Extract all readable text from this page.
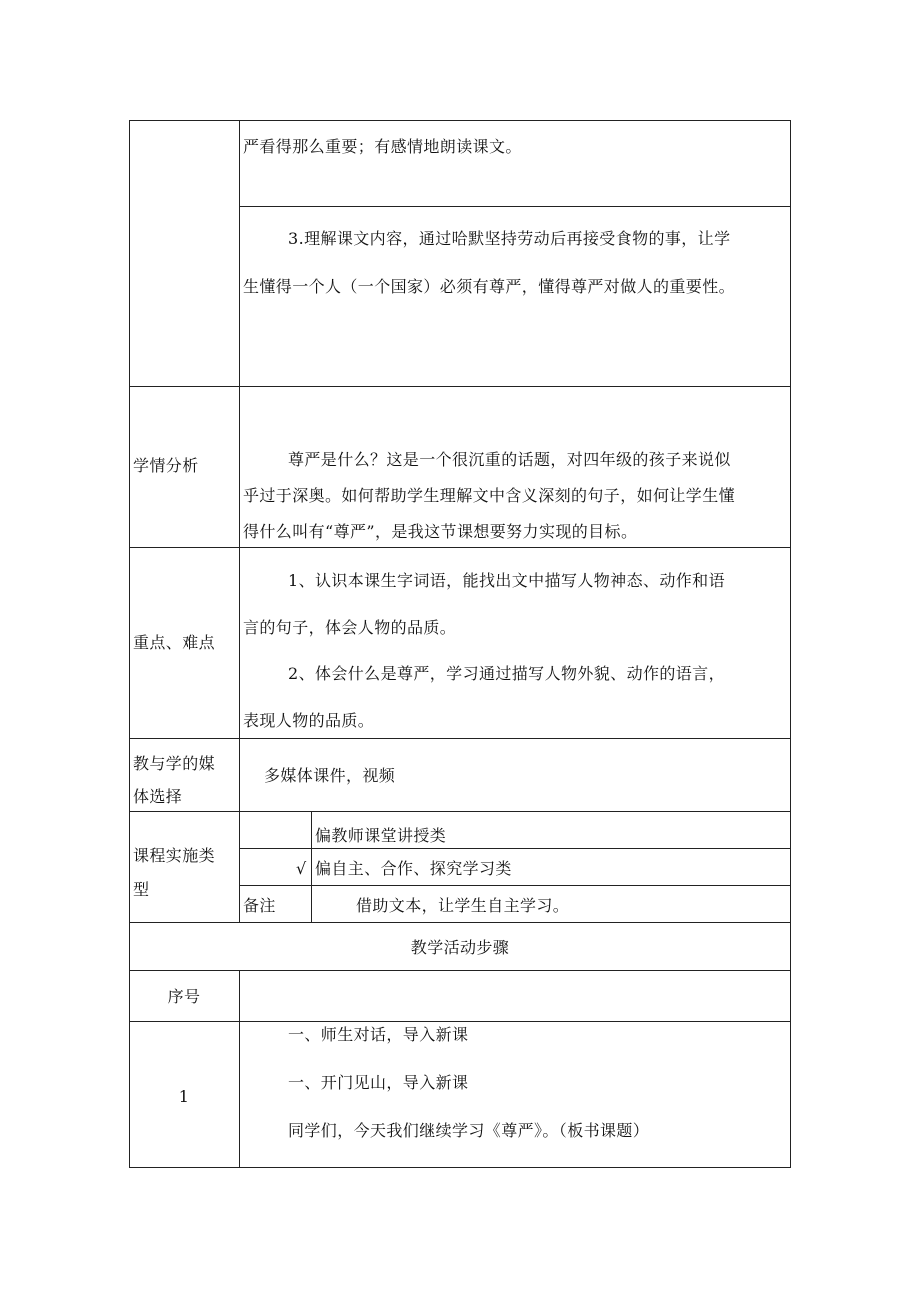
严看得那么重要；有感情地朗读课文。
3.理解课文内容，通过哈默坚持劳动后再接受食物的事，让学
生懂得一个人（一个国家）必须有尊严，懂得尊严对做人的重要性。
学情分析	尊严是什么？这是一个很沉重的话题，对四年级的孩子来说似
乎过于深奥。如何帮助学生理解文中含义深刻的句子，如何让学生懂
得什么叫有“尊严”，是我这节课想要努力实现的目标。
重点、难点
1、认识本课生字词语，能找出文中描写人物神态、动作和语
言的句子，体会人物的品质。
2、体会什么是尊严，学习通过描写人物外貌、动作的语言，
表现人物的品质。
教与学的媒
体选择
多媒体课件，视频
课程实施类
型
偏教师课堂讲授类
√ 偏自主、合作、探究学习类
备注	借助文本，让学生自主学习。
教学活动步骤
序号
1
一、师生对话，导入新课
一、开门见山，导入新课
同学们，今天我们继续学习《尊严》。（板书课题）
